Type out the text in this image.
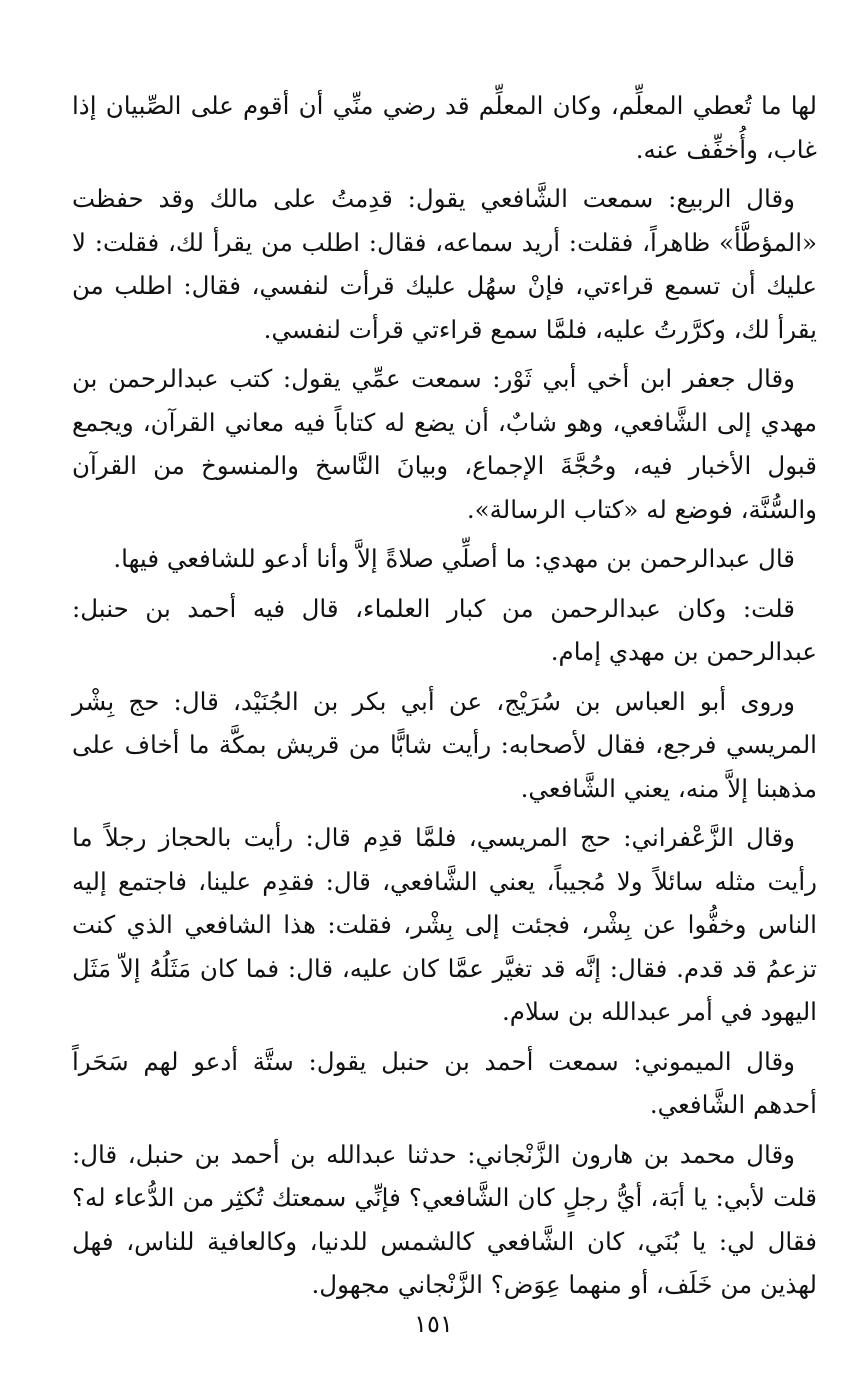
لها ما تُعطي المعلِّم، وكان المعلِّم قد رضي منِّي أن أقوم على الصِّبيان إذا غاب، وأُخفِّف عنه.

وقال الربيع: سمعت الشَّافعي يقول: قدِمتُ على مالك وقد حفظت «المؤطَّأ» ظاهراً، فقلت: أريد سماعه، فقال: اطلب من يقرأ لك، فقلت: لا عليك أن تسمع قراءتي، فإنْ سهُل عليك قرأت لنفسي، فقال: اطلب من يقرأ لك، وكرَّرتُ عليه، فلمَّا سمع قراءتي قرأت لنفسي.

وقال جعفر ابن أخي أبي ثَوْر: سمعت عمِّي يقول: كتب عبدالرحمن بن مهدي إلى الشَّافعي، وهو شابٌ، أن يضع له كتاباً فيه معاني القرآن، ويجمع قبول الأخبار فيه، وحُجَّةَ الإجماع، وبيانَ النَّاسخ والمنسوخ من القرآن والسُّنَّة، فوضع له «كتاب الرسالة».

قال عبدالرحمن بن مهدي: ما أصلِّي صلاةً إلاَّ وأنا أدعو للشافعي فيها.

قلت: وكان عبدالرحمن من كبار العلماء، قال فيه أحمد بن حنبل: عبدالرحمن بن مهدي إمام.

وروى أبو العباس بن سُرَيْج، عن أبي بكر بن الجُنَيْد، قال: حج بِشْر المريسي فرجع، فقال لأصحابه: رأيت شابًّا من قريش بمكَّة ما أخاف على مذهبنا إلاَّ منه، يعني الشَّافعي.

وقال الزَّعْفراني: حج المريسي، فلمَّا قدِم قال: رأيت بالحجاز رجلاً ما رأيت مثله سائلاً ولا مُجيباً، يعني الشَّافعي، قال: فقدِم علينا، فاجتمع إليه الناس وخفُّوا عن بِشْر، فجئت إلى بِشْر، فقلت: هذا الشافعي الذي كنت تزعمُ قد قدم. فقال: إنَّه قد تغيَّر عمَّا كان عليه، قال: فما كان مَثَلُهُ إلاّ مَثَل اليهود في أمر عبدالله بن سلام.

وقال الميموني: سمعت أحمد بن حنبل يقول: ستَّة أدعو لهم سَحَراً أحدهم الشَّافعي.

وقال محمد بن هارون الزَّنْجاني: حدثنا عبدالله بن أحمد بن حنبل، قال: قلت لأبي: يا أبَة، أيُّ رجلٍ كان الشَّافعي؟ فإنِّي سمعتك تُكثِر من الدُّعاء له؟ فقال لي: يا بُنَي، كان الشَّافعي كالشمس للدنيا، وكالعافية للناس، فهل لهذين من خَلَف، أو منهما عِوَض؟ الزَّنْجاني مجهول.

١٥١
